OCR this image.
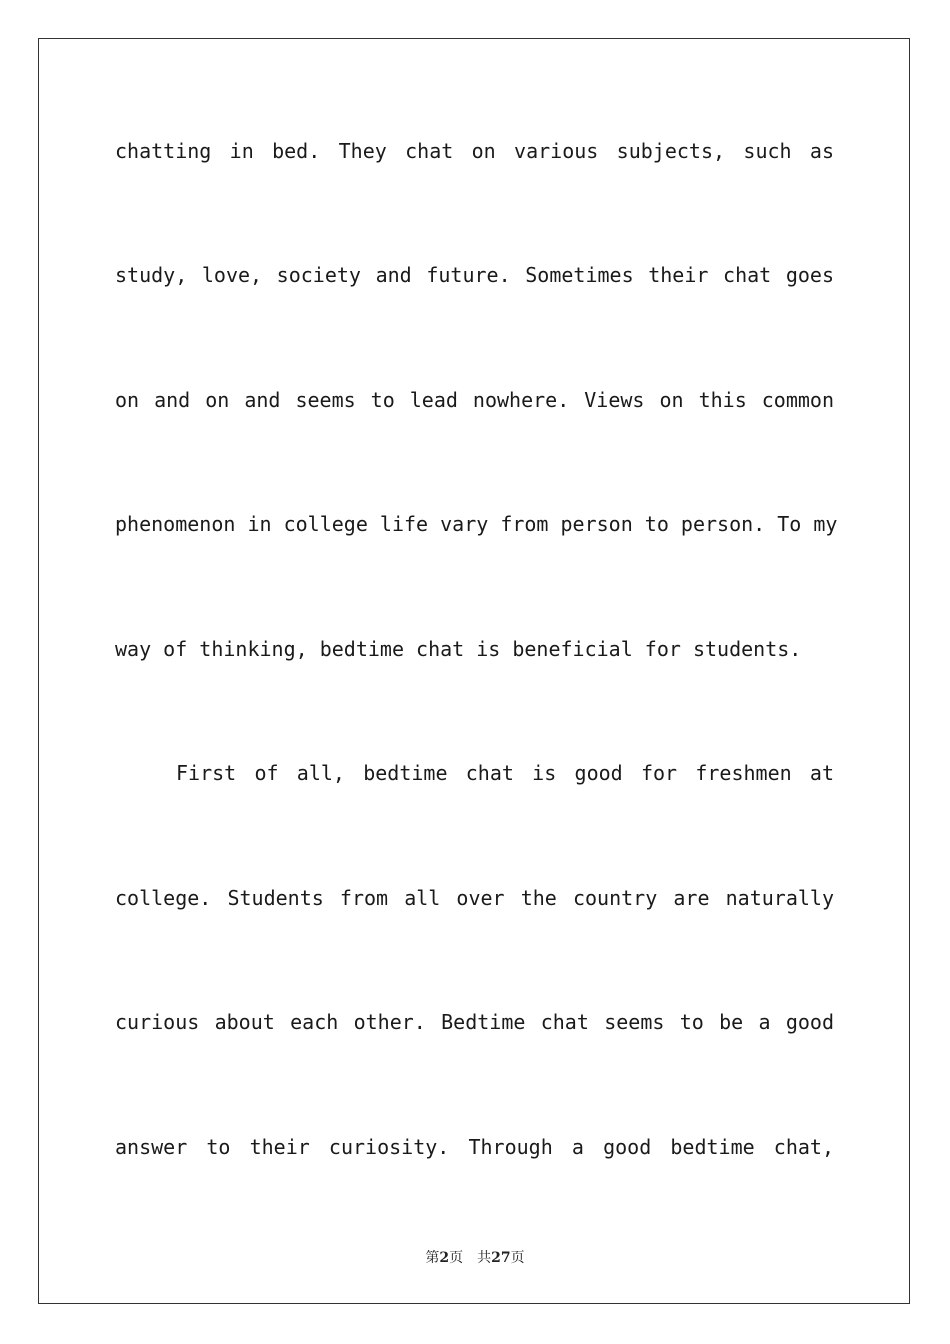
chatting in bed. They chat on various subjects, such as
study, love, society and future. Sometimes their chat goes
on and on and seems to lead nowhere. Views on this common
phenomenon in college life vary from person to person. To my
way of thinking, bedtime chat is beneficial for students.
First of all, bedtime chat is good for freshmen at
college. Students from all over the country are naturally
curious about each other. Bedtime chat seems to be a good
answer to their curiosity. Through a good bedtime chat,
第2页 共27页
